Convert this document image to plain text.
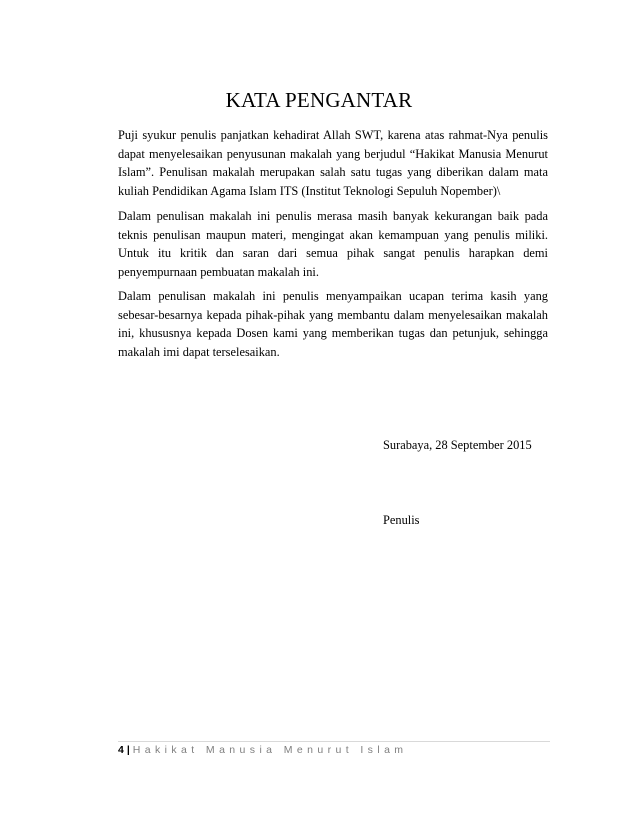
KATA PENGANTAR

Puji syukur penulis panjatkan kehadirat Allah SWT, karena atas rahmat-Nya penulis dapat menyelesaikan penyusunan makalah yang berjudul “Hakikat Manusia Menurut Islam”. Penulisan makalah merupakan salah satu tugas yang diberikan dalam mata kuliah Pendidikan Agama Islam ITS (Institut Teknologi Sepuluh Nopember)\

Dalam penulisan makalah ini penulis merasa masih banyak kekurangan baik pada teknis penulisan maupun materi, mengingat akan kemampuan yang penulis miliki. Untuk itu kritik dan saran dari semua pihak sangat penulis harapkan demi penyempurnaan pembuatan makalah ini.

Dalam penulisan makalah ini penulis menyampaikan ucapan terima kasih yang sebesar-besarnya kepada pihak-pihak yang membantu dalam menyelesaikan makalah ini, khususnya kepada Dosen kami yang memberikan tugas dan petunjuk, sehingga makalah imi dapat terselesaikan.

Surabaya, 28 September 2015
Penulis
4 | Hakikat Manusia Menurut Islam
